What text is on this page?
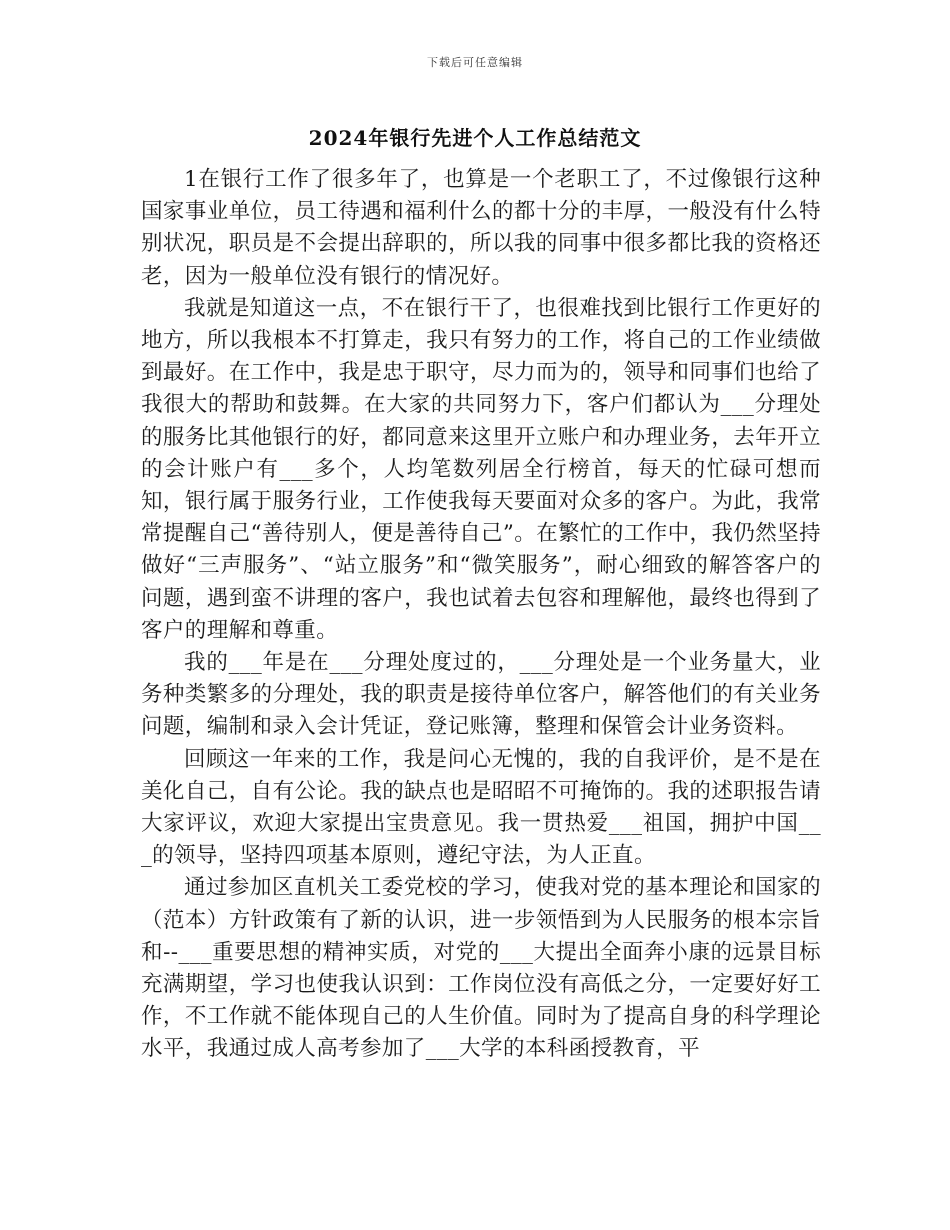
下载后可任意编辑
2024年银行先进个人工作总结范文

1在银行工作了很多年了，也算是一个老职工了，不过像银行这种国家事业单位，员工待遇和福利什么的都十分的丰厚，一般没有什么特别状况，职员是不会提出辞职的，所以我的同事中很多都比我的资格还老，因为一般单位没有银行的情况好。

我就是知道这一点，不在银行干了，也很难找到比银行工作更好的地方，所以我根本不打算走，我只有努力的工作，将自己的工作业绩做到最好。在工作中，我是忠于职守，尽力而为的，领导和同事们也给了我很大的帮助和鼓舞。在大家的共同努力下，客户们都认为___分理处的服务比其他银行的好，都同意来这里开立账户和办理业务，去年开立的会计账户有___多个，人均笔数列居全行榜首，每天的忙碌可想而知，银行属于服务行业，工作使我每天要面对众多的客户。为此，我常常提醒自己“善待别人，便是善待自己”。在繁忙的工作中，我仍然坚持做好“三声服务”、“站立服务”和“微笑服务”，耐心细致的解答客户的问题，遇到蛮不讲理的客户，我也试着去包容和理解他，最终也得到了客户的理解和尊重。

我的___年是在___分理处度过的，___分理处是一个业务量大，业务种类繁多的分理处，我的职责是接待单位客户，解答他们的有关业务问题，编制和录入会计凭证，登记账簿，整理和保管会计业务资料。

回顾这一年来的工作，我是问心无愧的，我的自我评价，是不是在美化自己，自有公论。我的缺点也是昭昭不可掩饰的。我的述职报告请大家评议，欢迎大家提出宝贵意见。我一贯热爱___祖国，拥护中国___的领导，坚持四项基本原则，遵纪守法，为人正直。

通过参加区直机关工委党校的学习，使我对党的基本理论和国家的（范本）方针政策有了新的认识，进一步领悟到为人民服务的根本宗旨和--___重要思想的精神实质，对党的___大提出全面奔小康的远景目标充满期望，学习也使我认识到：工作岗位没有高低之分，一定要好好工作，不工作就不能体现自己的人生价值。同时为了提高自身的科学理论水平，我通过成人高考参加了___大学的本科函授教育，平
